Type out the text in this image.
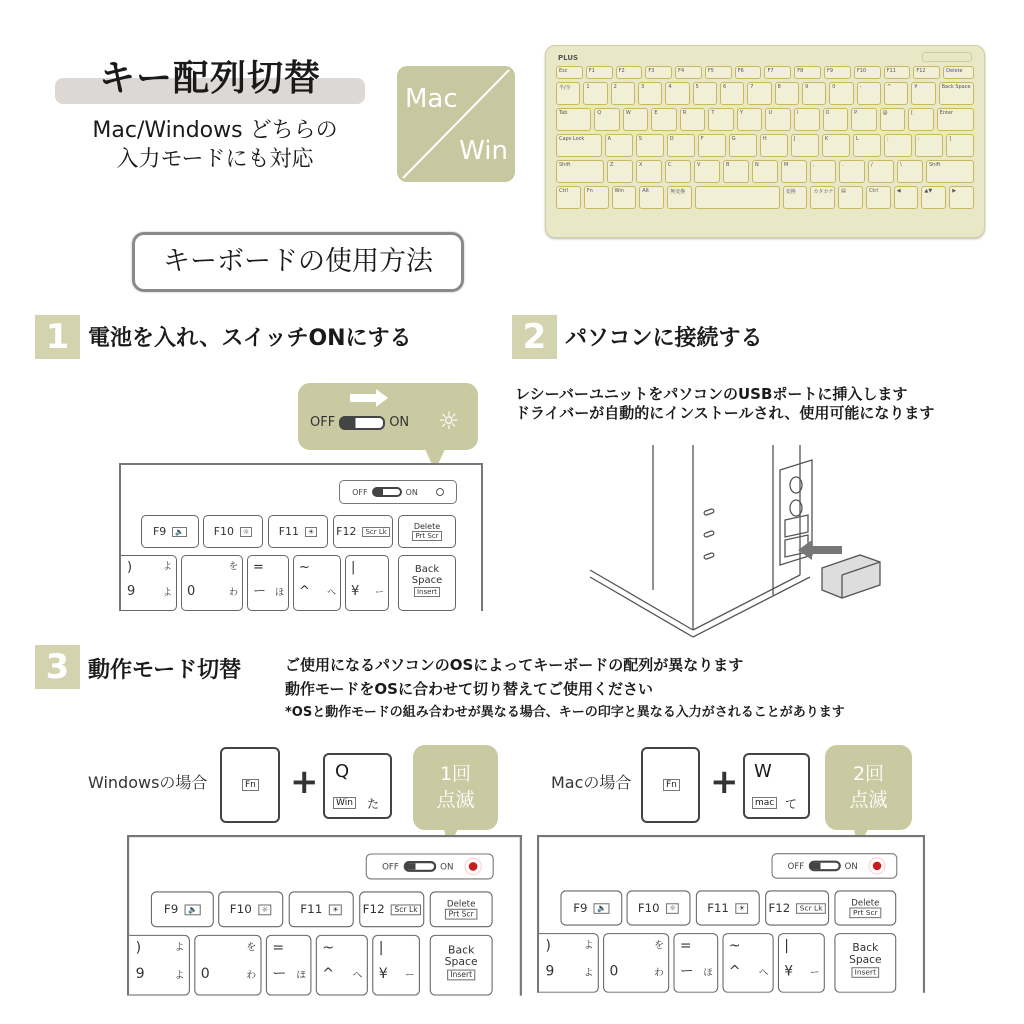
キー配列切替
Mac/Windows どちらの
入力モードにも対応
Mac
Win
PLUS
Esc	F1	F2	F3	F4	F5	F6	F7	F8	F9	F10	F11	F12	Delete
半/全	1	2	3	4	5	6	7	8	9	0	-	^	¥	Back Space
Tab	Q	W	E	R	T	Y	U	I	O	P	@	[	Enter
Caps Lock	A	S	D	F	G	H	J	K	L	;	:	]
Shift	Z	X	C	V	B	N	M	,	.	/	\	Shift
Ctrl	Fn	Win	Alt	無変換	変換	カタカナ	▤	Ctrl	◀	▲▼	▶
キーボードの使用方法
1 電池を入れ、スイッチONにする
OFF	ON ☼
OFF	ON
F9	🔈	F10	☼	F11	☀ F12	Scr Lk
Delete
Prt Scr
)	よ
9	よ
を
0	わ
=
ー ほ
~
^ へ
|
¥ ー
Back
Space
Insert
2 パソコンに接続する
レシーバーユニットをパソコンのUSBポートに挿入します
ドライバーが自動的にインストールされ、使用可能になります
3 動作モード切替	ご使用になるパソコンのOSによってキーボードの配列が異なります
動作モードをOSに合わせて切り替えてご使用ください
*OSと動作モードの組み合わせが異なる場合、キーの印字と異なる入力がされることがあります
Windowsの場合	Fn + Q
Win た
1回
点滅
OFF	ON
F9	🔈	F10	☼	F11	☀ F12	Scr Lk
Delete
Prt Scr
)	よ
9	よ
を
0	わ
=
ー ほ
~
^ へ
|
¥ ー
Back
Space
Insert
Macの場合	Fn + W
mac て
2回
点滅
OFF	ON
F9	🔈	F10	☼	F11	☀ F12	Scr Lk
Delete
Prt Scr
)	よ
9	よ
を
0	わ
=
ー ほ
~
^ へ
|
¥ ー
Back
Space
Insert
